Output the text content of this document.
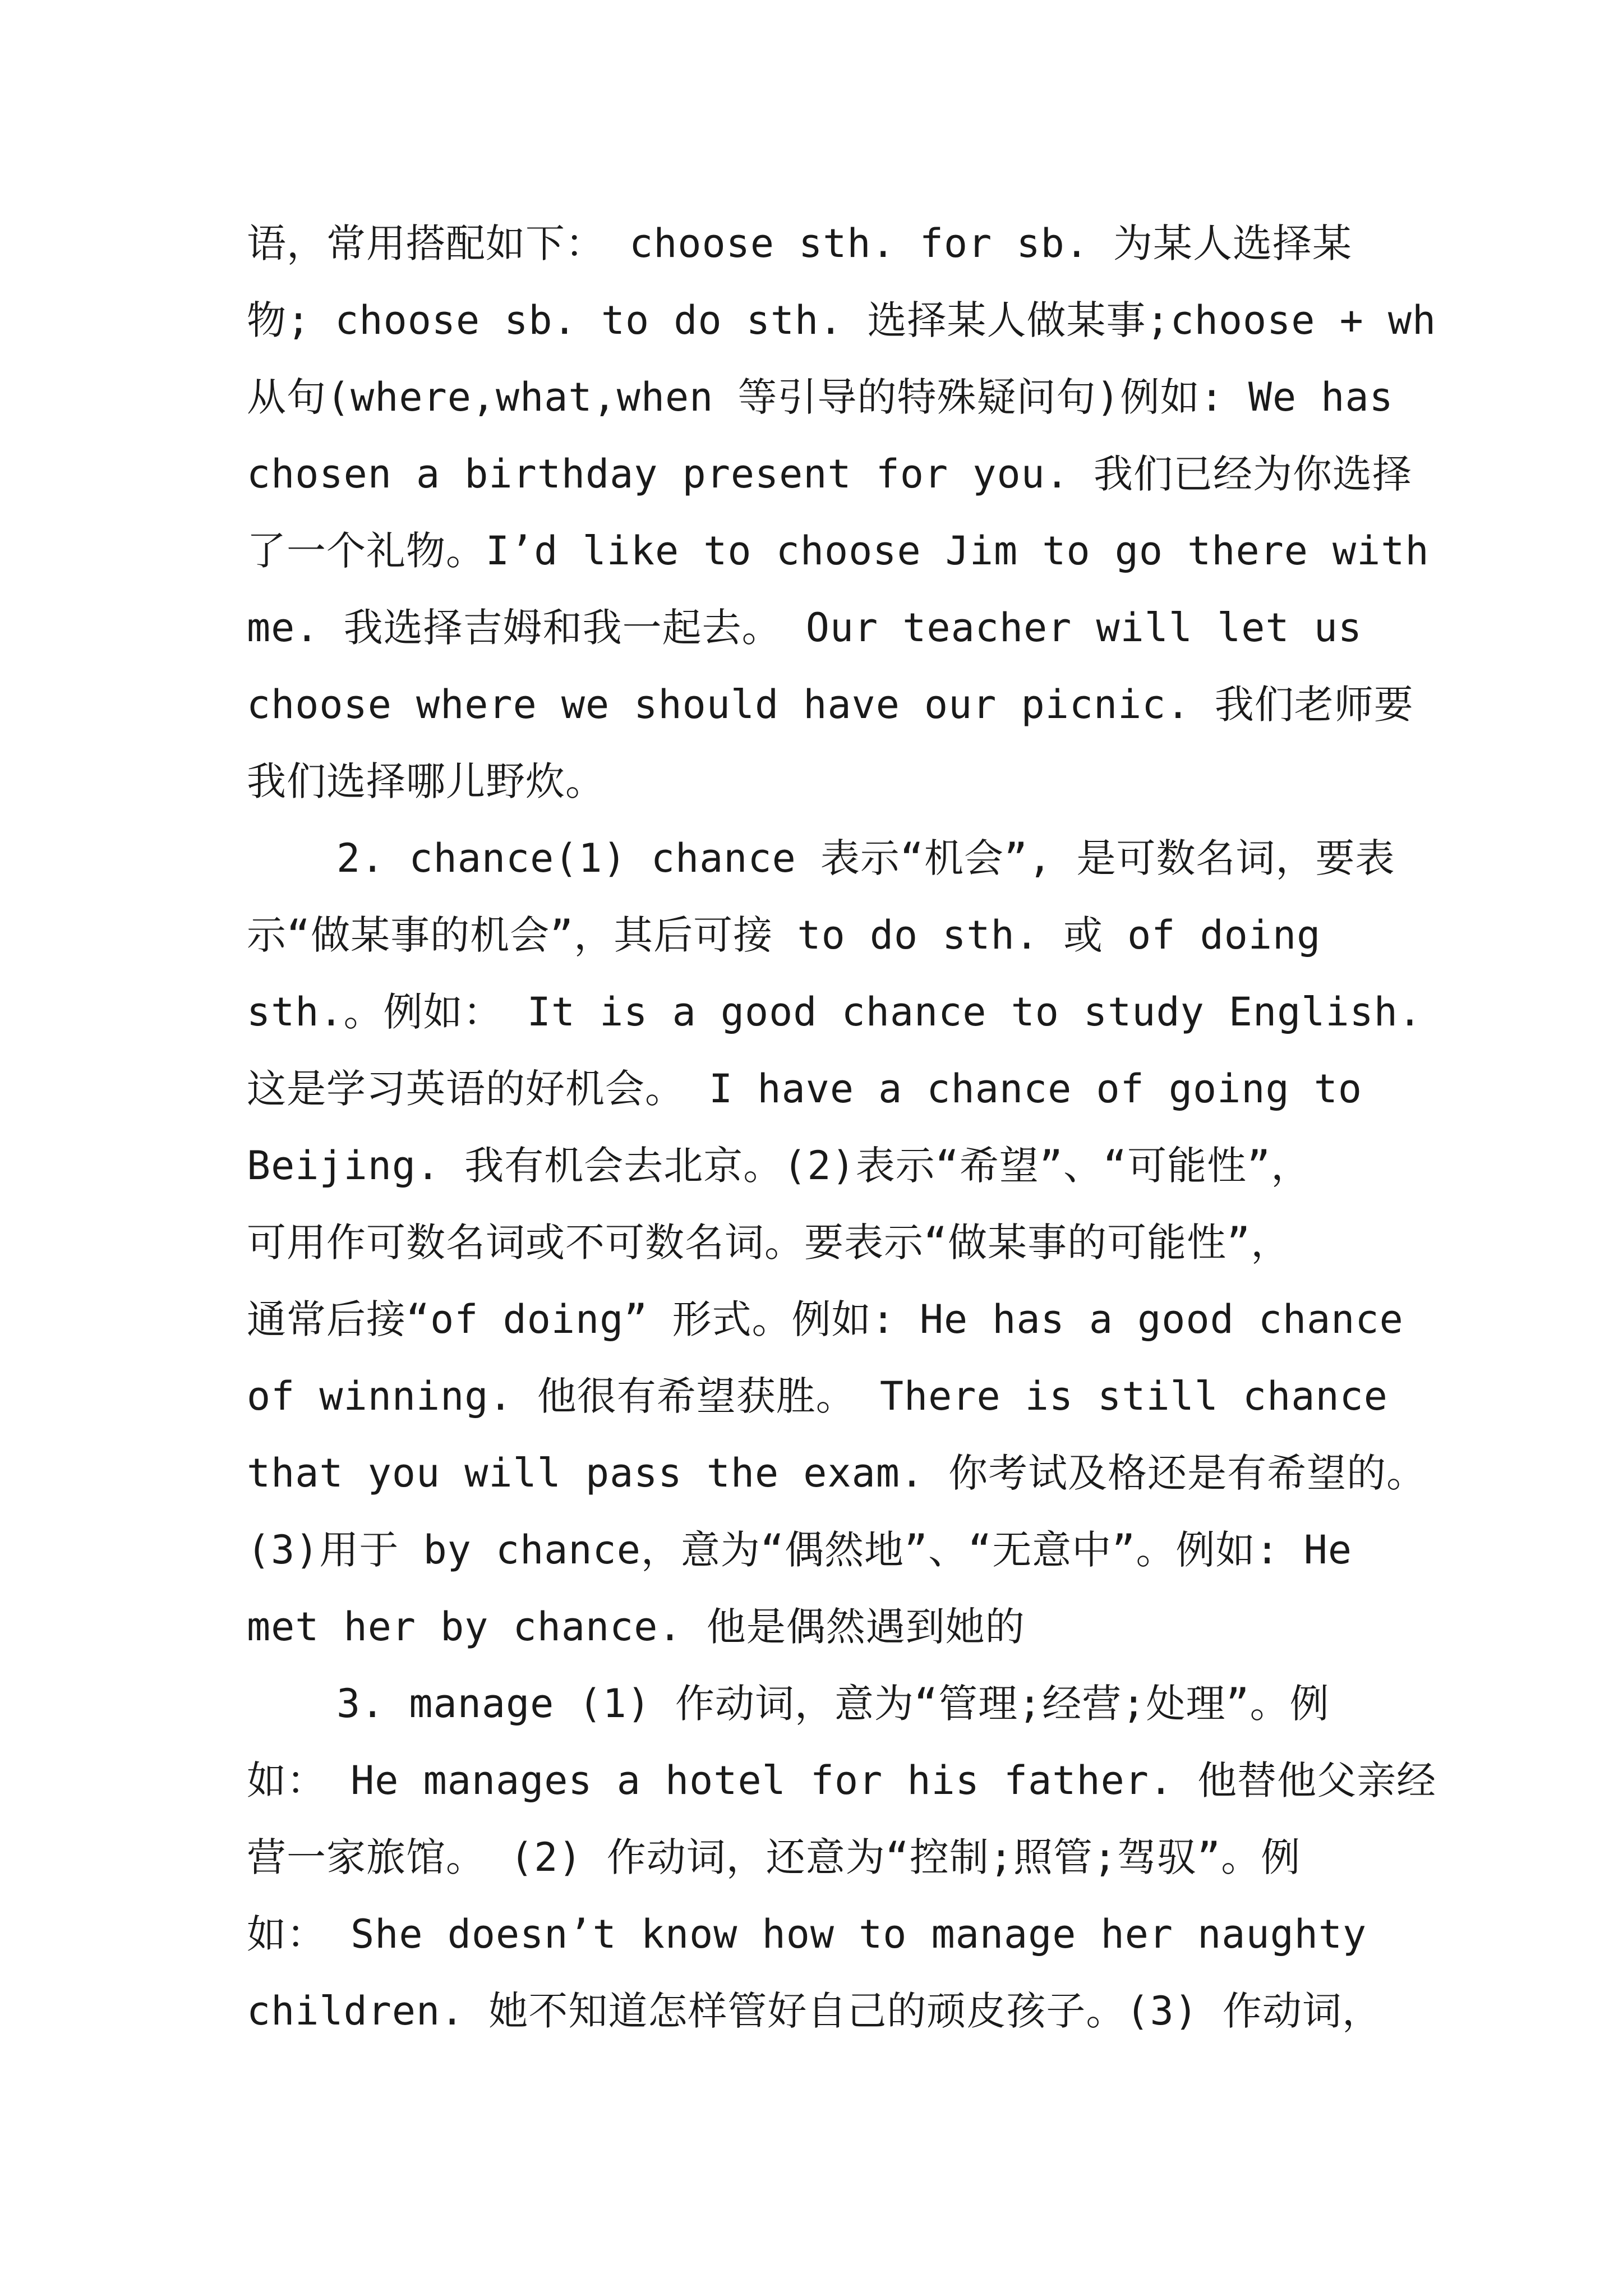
语，常用搭配如下： choose sth. for sb. 为某人选择某
物; choose sb. to do sth. 选择某人做某事;choose + wh
从句(where,what,when 等引导的特殊疑问句)例如: We has
chosen a birthday present for you. 我们已经为你选择
了一个礼物。I’d like to choose Jim to go there with
me. 我选择吉姆和我一起去。 Our teacher will let us
choose where we should have our picnic. 我们老师要
我们选择哪儿野炊。
2. chance(1) chance 表示“机会”, 是可数名词，要表
示“做某事的机会”，其后可接 to do sth. 或 of doing
sth.。例如： It is a good chance to study English.
这是学习英语的好机会。 I have a chance of going to
Beijing. 我有机会去北京。(2)表示“希望”、“可能性”，
可用作可数名词或不可数名词。要表示“做某事的可能性”，
通常后接“of doing” 形式。例如: He has a good chance
of winning. 他很有希望获胜。 There is still chance
that you will pass the exam. 你考试及格还是有希望的。
(3)用于 by chance，意为“偶然地”、“无意中”。例如: He
met her by chance. 他是偶然遇到她的
3. manage (1) 作动词，意为“管理;经营;处理”。例
如： He manages a hotel for his father. 他替他父亲经
营一家旅馆。 (2) 作动词，还意为“控制;照管;驾驭”。例
如： She doesn’t know how to manage her naughty
children. 她不知道怎样管好自己的顽皮孩子。(3) 作动词，
